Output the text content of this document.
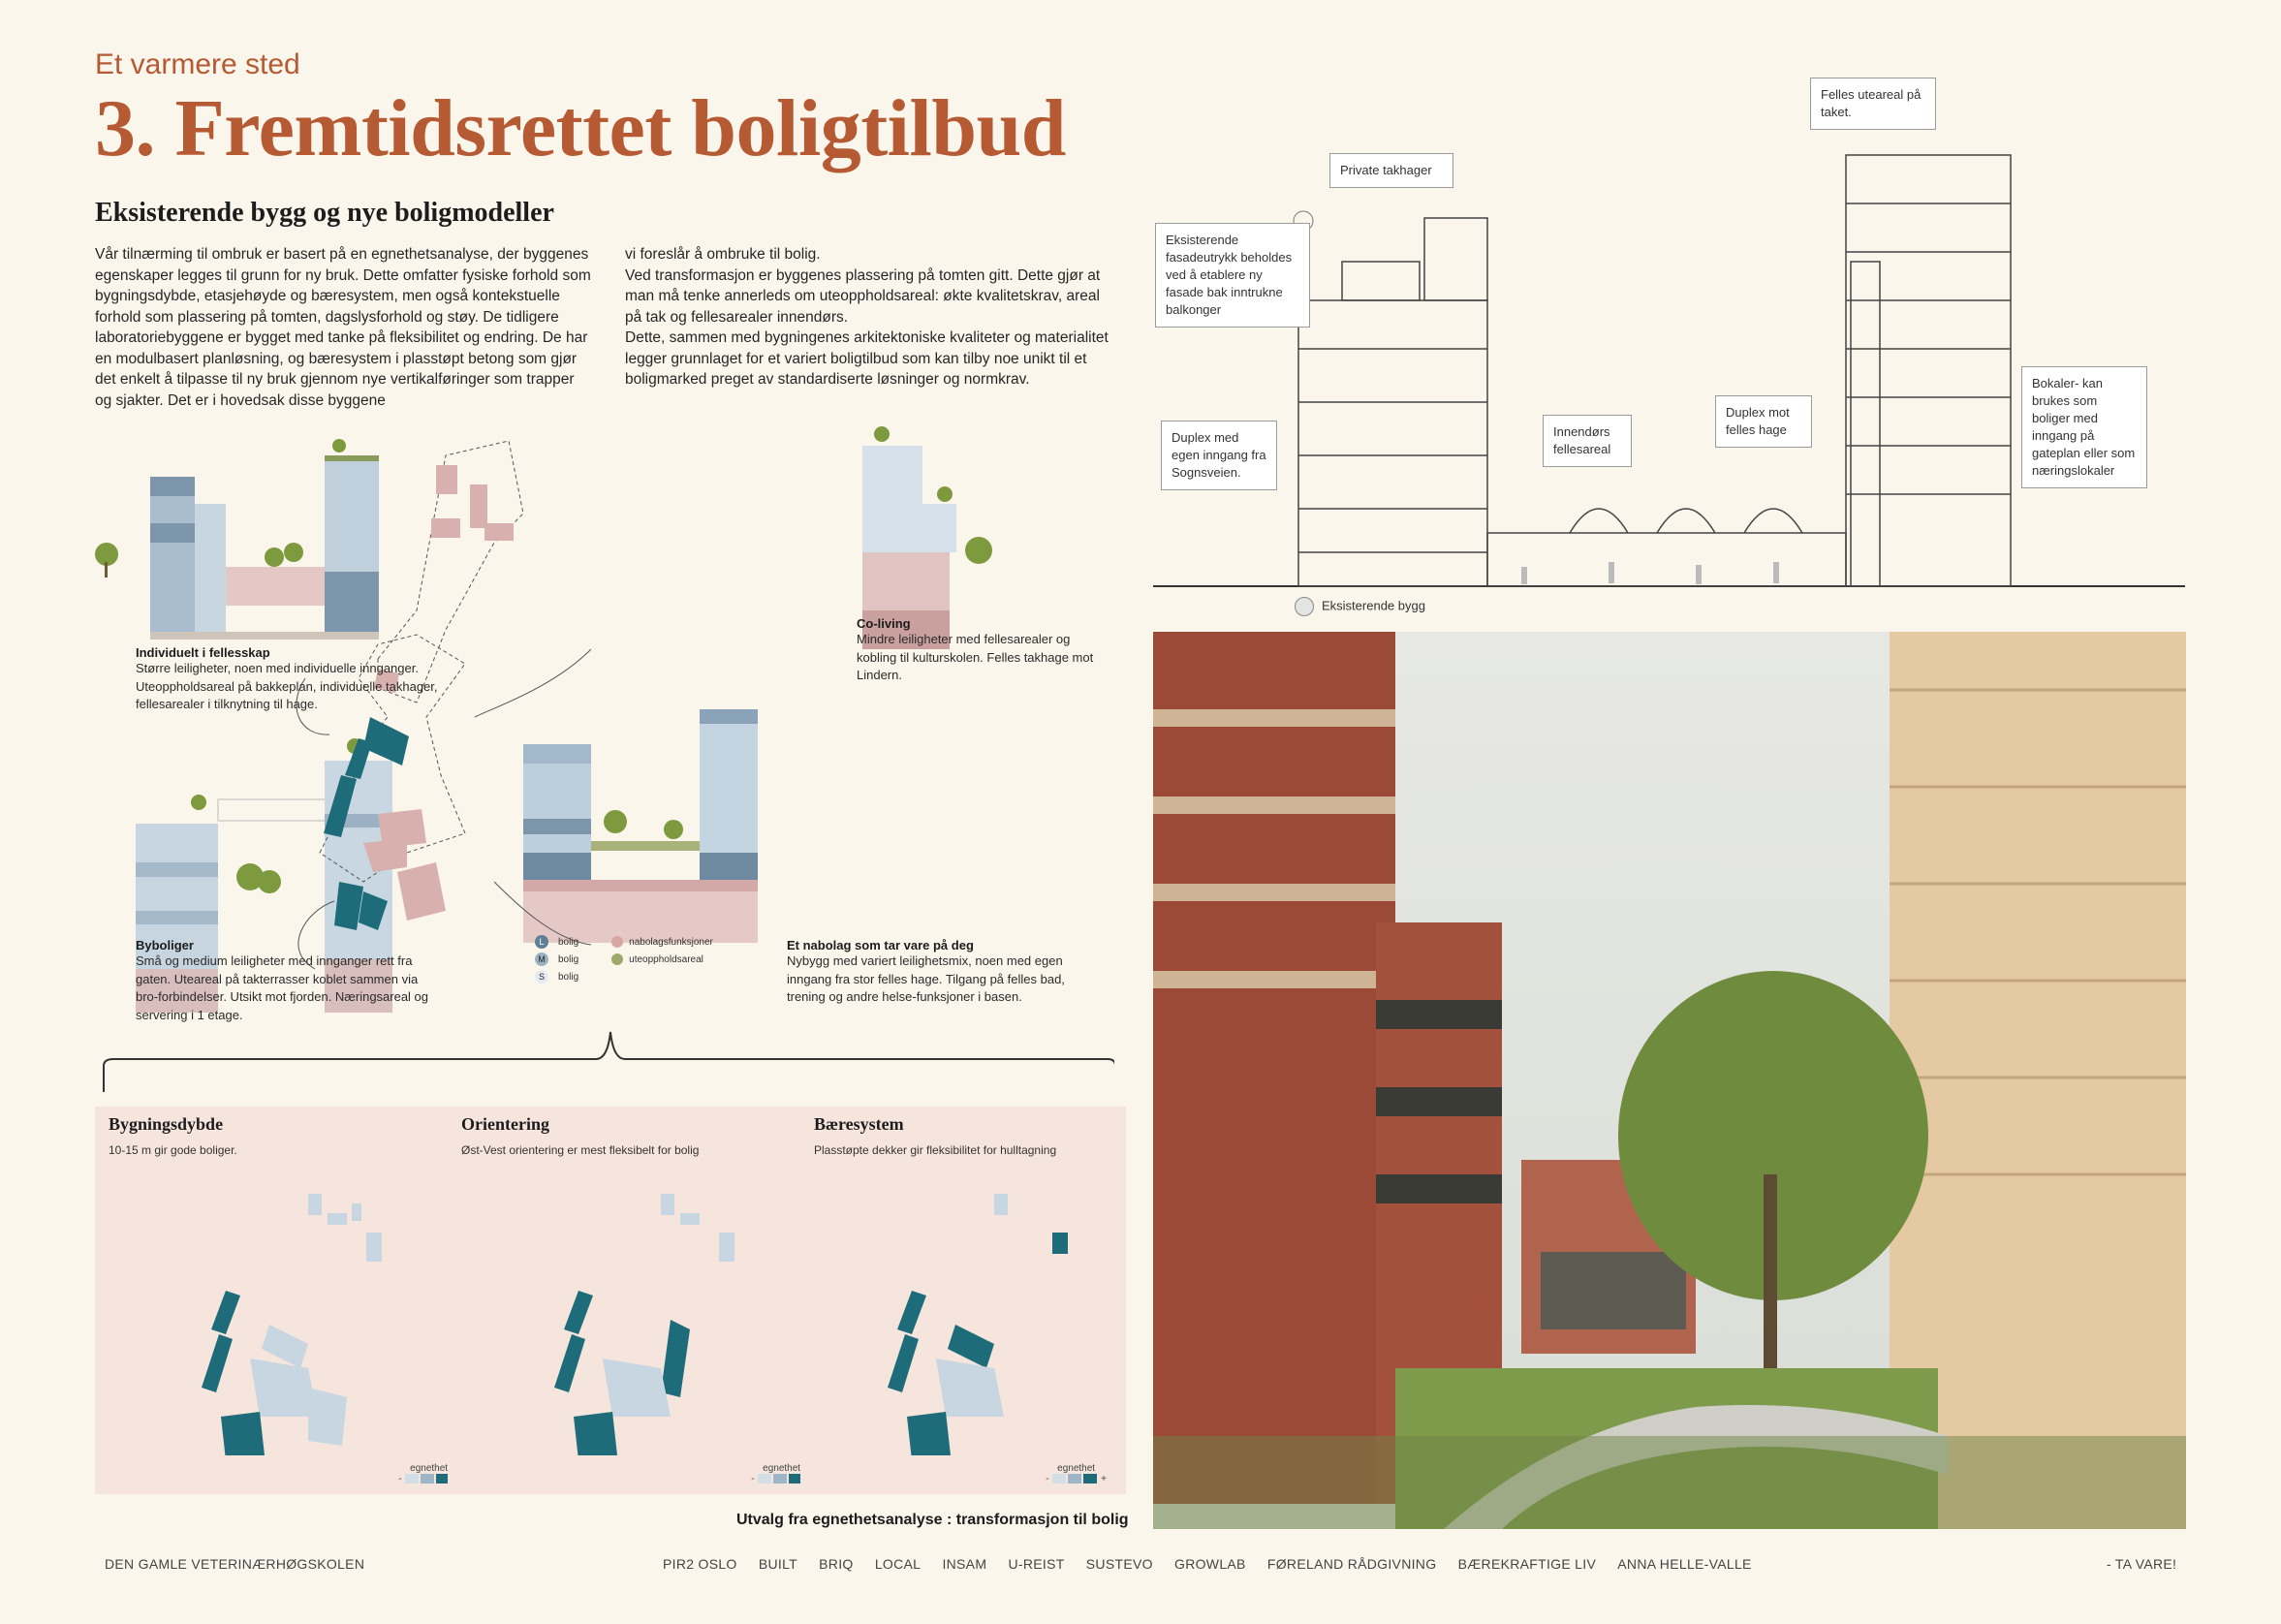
Et varmere sted
3. Fremtidsrettet boligtilbud
Eksisterende bygg og nye boligmodeller
Vår tilnærming til ombruk er basert på en egnethetsanalyse, der byggenes egenskaper legges til grunn for ny bruk. Dette omfatter fysiske forhold som bygningsdybde, etasjehøyde og bæresystem, men også kontekstuelle forhold som plassering på tomten, dagslysforhold og støy. De tidligere laboratoriebyggene er bygget med tanke på fleksibilitet og endring. De har en modulbasert planløsning, og bæresystem i plasstøpt betong som gjør det enkelt å tilpasse til ny bruk gjennom nye vertikalføringer som trapper og sjakter. Det er i hovedsak disse byggene
vi foreslår å ombruke til bolig.
Ved transformasjon er byggenes plassering på tomten gitt. Dette gjør at man må tenke annerleds om uteoppholdsareal: økte kvalitetskrav, areal på tak og fellesarealer innendørs.
Dette, sammen med bygningenes arkitektoniske kvaliteter og materialitet legger grunnlaget for et variert boligtilbud som kan tilby noe unikt til et boligmarked preget av standardiserte løsninger og normkrav.
Individuelt i fellesskap
Større leiligheter, noen med individuelle innganger. Uteoppholdsareal på bakkeplan, individuelle takhager, fellesarealer i tilknytning til hage.
Co-living
Mindre leiligheter med fellesarealer og kobling til kulturskolen. Felles takhage mot Lindern.
Byboliger
Små og medium leiligheter med innganger rett fra gaten. Uteareal på takterrasser koblet sammen via bro-forbindelser. Utsikt mot fjorden. Næringsareal og servering i 1 etage.
Et nabolag som tar vare på deg
Nybygg med variert leilighetsmix, noen med egen inngang fra stor felles hage. Tilgang på felles bad, trening og andre helse-funksjoner i basen.
L bolig	nabolagsfunksjoner
M bolig	uteoppholdsareal
S bolig
Bygningsdybde

10-15 m gir gode boliger.

egnethet
-
Orientering

Øst-Vest orientering er mest fleksibelt for bolig

egnethet
-
Bæresystem

Plasstøpte dekker gir fleksibilitet for hulltagning

egnethet
-	+
Utvalg fra egnethetsanalyse : transformasjon til bolig
Felles uteareal på taket.
Private takhager
Eksisterende fasadeutrykk beholdes ved å etablere ny fasade bak inntrukne balkonger
Duplex med egen inngang fra Sognsveien.
Innendørs fellesareal
Duplex mot felles hage
Bokaler- kan brukes som boliger med inngang på gateplan eller som næringslokaler
Eksisterende bygg
DEN GAMLE VETERINÆRHØGSKOLEN	PIR2 OSLO BUILT BRIQ LOCAL INSAM U-REIST SUSTEVO GROWLAB FØRELAND RÅDGIVNING BÆREKRAFTIGE LIV ANNA HELLE-VALLE	- TA VARE!
